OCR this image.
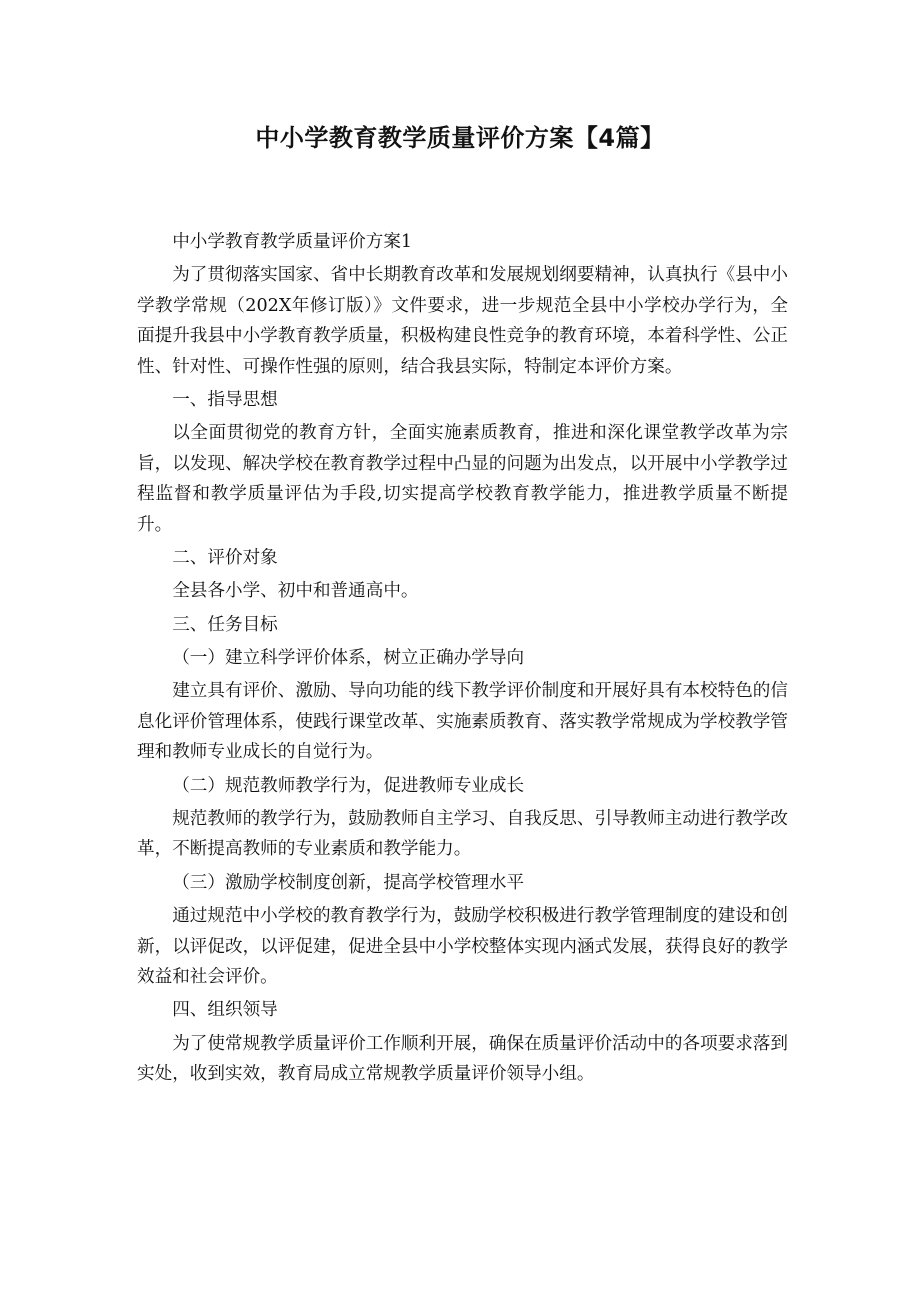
中小学教育教学质量评价方案【4篇】

中小学教育教学质量评价方案1

为了贯彻落实国家、省中长期教育改革和发展规划纲要精神，认真执行《县中小学教学常规（202X年修订版）》文件要求，进一步规范全县中小学校办学行为，全面提升我县中小学教育教学质量，积极构建良性竞争的教育环境，本着科学性、公正性、针对性、可操作性强的原则，结合我县实际，特制定本评价方案。

一、指导思想

以全面贯彻党的教育方针，全面实施素质教育，推进和深化课堂教学改革为宗旨，以发现、解决学校在教育教学过程中凸显的问题为出发点，以开展中小学教学过程监督和教学质量评估为手段,切实提高学校教育教学能力，推进教学质量不断提升。

二、评价对象

全县各小学、初中和普通高中。

三、任务目标

（一）建立科学评价体系，树立正确办学导向

建立具有评价、激励、导向功能的线下教学评价制度和开展好具有本校特色的信息化评价管理体系，使践行课堂改革、实施素质教育、落实教学常规成为学校教学管理和教师专业成长的自觉行为。

（二）规范教师教学行为，促进教师专业成长

规范教师的教学行为，鼓励教师自主学习、自我反思、引导教师主动进行教学改革，不断提高教师的专业素质和教学能力。

（三）激励学校制度创新，提高学校管理水平

通过规范中小学校的教育教学行为，鼓励学校积极进行教学管理制度的建设和创新，以评促改，以评促建，促进全县中小学校整体实现内涵式发展，获得良好的教学效益和社会评价。

四、组织领导

为了使常规教学质量评价工作顺利开展，确保在质量评价活动中的各项要求落到实处，收到实效，教育局成立常规教学质量评价领导小组。
